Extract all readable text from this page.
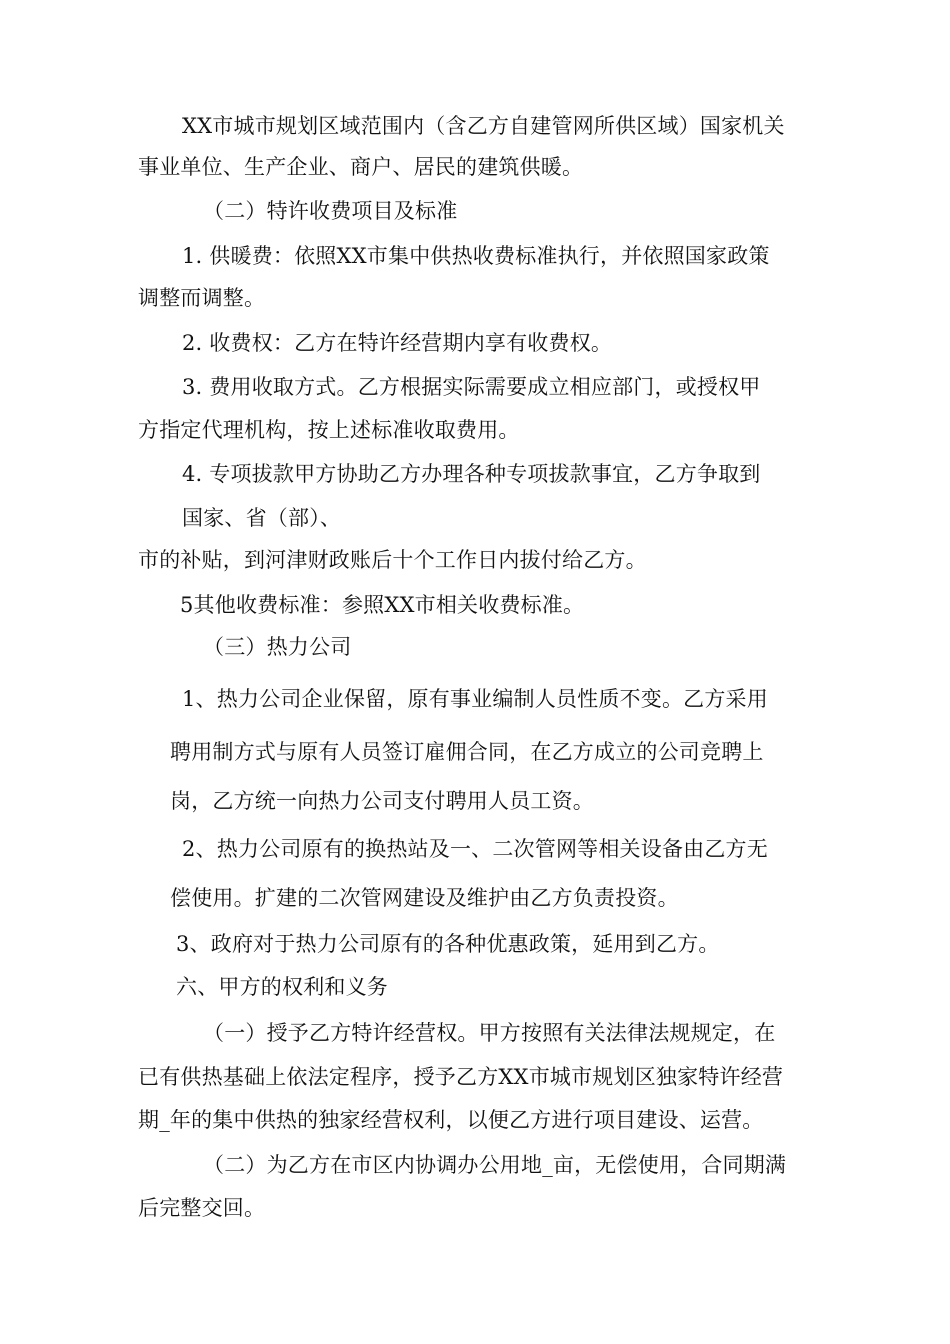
XX市城市规划区域范围内（含乙方自建管网所供区域）国家机关

事业单位、生产企业、商户、居民的建筑供暖。

（二）特许收费项目及标准

1. 供暖费：依照XX市集中供热收费标准执行，并依照国家政策

调整而调整。

2. 收费权：乙方在特许经营期内享有收费权。

3. 费用收取方式。乙方根据实际需要成立相应部门，或授权甲

方指定代理机构，按上述标准收取费用。

4. 专项拔款甲方协助乙方办理各种专项拔款事宜，乙方争取到

国家、省（部）、

市的补贴，到河津财政账后十个工作日内拔付给乙方。

5其他收费标准：参照XX市相关收费标准。

（三）热力公司

1、热力公司企业保留，原有事业编制人员性质不变。乙方采用

聘用制方式与原有人员签订雇佣合同，在乙方成立的公司竞聘上

岗，乙方统一向热力公司支付聘用人员工资。

2、热力公司原有的换热站及一、二次管网等相关设备由乙方无

偿使用。扩建的二次管网建设及维护由乙方负责投资。

3、政府对于热力公司原有的各种优惠政策，延用到乙方。

六、甲方的权利和义务

（一）授予乙方特许经营权。甲方按照有关法律法规规定，在

已有供热基础上依法定程序，授予乙方XX市城市规划区独家特许经营

期_年的集中供热的独家经营权利，以便乙方进行项目建设、运营。

（二）为乙方在市区内协调办公用地_亩，无偿使用，合同期满

后完整交回。
